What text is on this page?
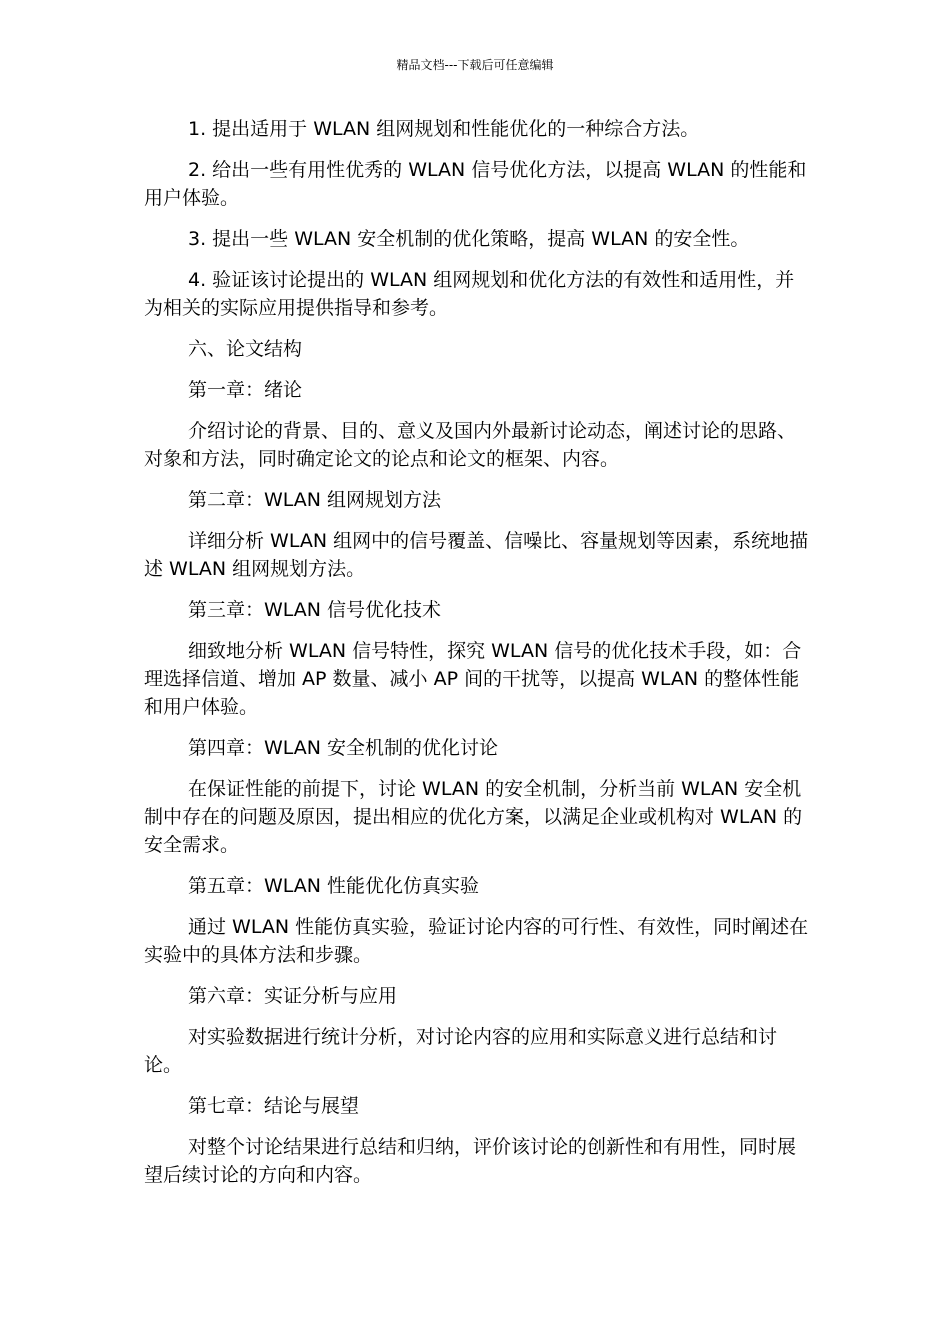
精品文档---下载后可任意编辑

1. 提出适用于 WLAN 组网规划和性能优化的一种综合方法。

2. 给出一些有用性优秀的 WLAN 信号优化方法，以提高 WLAN 的性能和用户体验。

3. 提出一些 WLAN 安全机制的优化策略，提高 WLAN 的安全性。

4. 验证该讨论提出的 WLAN 组网规划和优化方法的有效性和适用性，并为相关的实际应用提供指导和参考。

六、论文结构

第一章：绪论

介绍讨论的背景、目的、意义及国内外最新讨论动态，阐述讨论的思路、对象和方法，同时确定论文的论点和论文的框架、内容。

第二章：WLAN 组网规划方法

详细分析 WLAN 组网中的信号覆盖、信噪比、容量规划等因素，系统地描述 WLAN 组网规划方法。

第三章：WLAN 信号优化技术

细致地分析 WLAN 信号特性，探究 WLAN 信号的优化技术手段，如：合理选择信道、增加 AP 数量、减小 AP 间的干扰等，以提高 WLAN 的整体性能和用户体验。

第四章：WLAN 安全机制的优化讨论

在保证性能的前提下，讨论 WLAN 的安全机制，分析当前 WLAN 安全机制中存在的问题及原因，提出相应的优化方案，以满足企业或机构对 WLAN 的安全需求。

第五章：WLAN 性能优化仿真实验

通过 WLAN 性能仿真实验，验证讨论内容的可行性、有效性，同时阐述在实验中的具体方法和步骤。

第六章：实证分析与应用

对实验数据进行统计分析，对讨论内容的应用和实际意义进行总结和讨论。

第七章：结论与展望

对整个讨论结果进行总结和归纳，评价该讨论的创新性和有用性，同时展望后续讨论的方向和内容。
